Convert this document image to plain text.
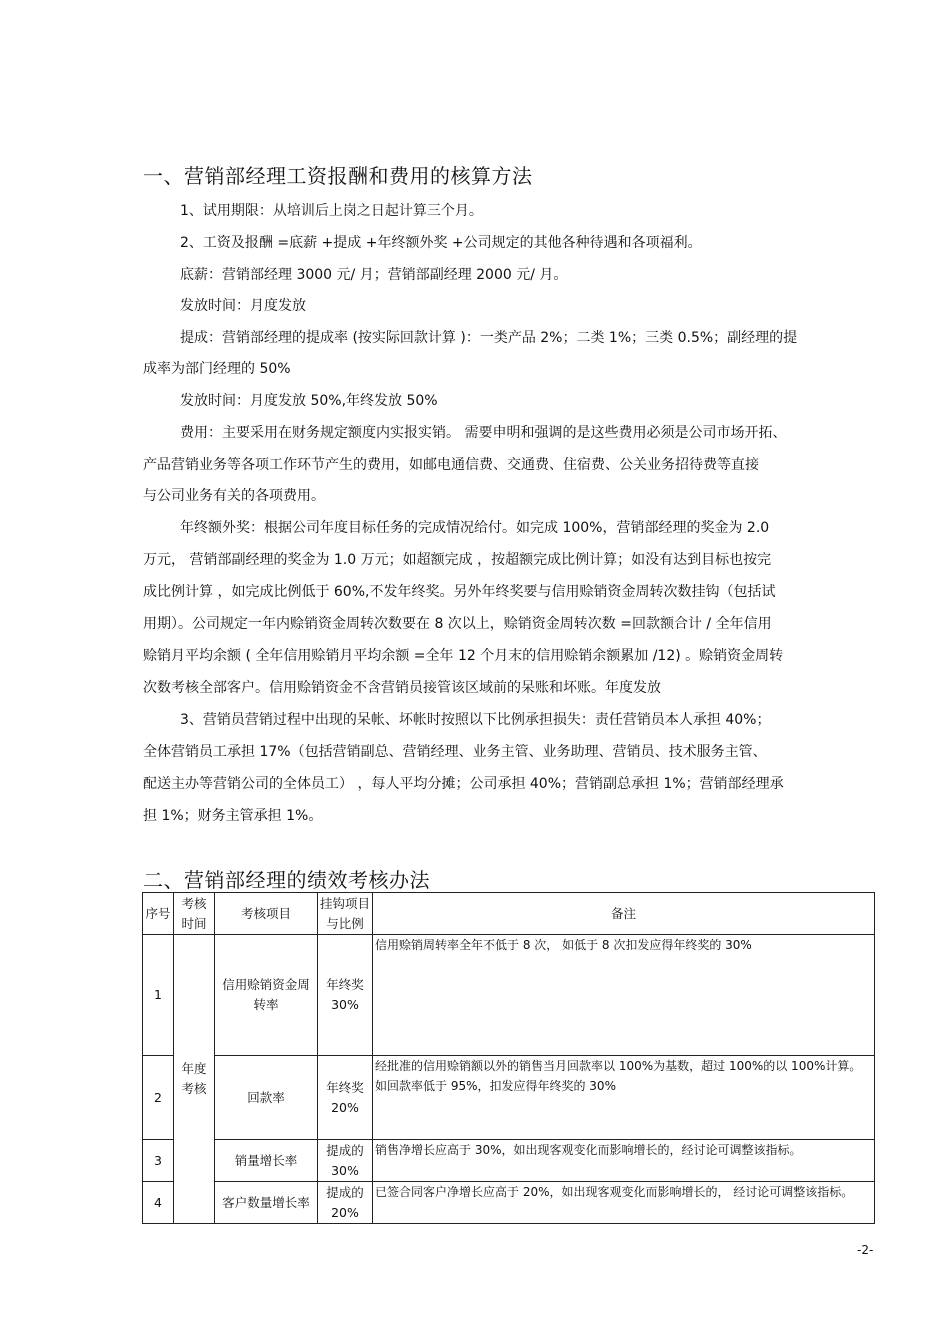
一、营销部经理工资报酬和费用的核算方法
1、试用期限：从培训后上岗之日起计算三个月。
2、工资及报酬 =底薪 +提成 +年终额外奖 +公司规定的其他各种待遇和各项福利。
底薪：营销部经理 3000 元/ 月；营销部副经理 2000 元/ 月。
发放时间：月度发放
提成：营销部经理的提成率 (按实际回款计算 )：一类产品 2%；二类 1%；三类 0.5%；副经理的提
成率为部门经理的 50%
发放时间：月度发放 50%,年终发放 50%
费用：主要采用在财务规定额度内实报实销。 需要申明和强调的是这些费用必须是公司市场开拓、
产品营销业务等各项工作环节产生的费用，如邮电通信费、交通费、住宿费、公关业务招待费等直接
与公司业务有关的各项费用。
年终额外奖：根据公司年度目标任务的完成情况给付。如完成 100%，营销部经理的奖金为 2.0
万元， 营销部副经理的奖金为 1.0 万元；如超额完成 ，按超额完成比例计算；如没有达到目标也按完
成比例计算 ，如完成比例低于 60%,不发年终奖。另外年终奖要与信用赊销资金周转次数挂钩（包括试
用期）。公司规定一年内赊销资金周转次数要在 8 次以上，赊销资金周转次数 =回款额合计 / 全年信用
赊销月平均余额 ( 全年信用赊销月平均余额 =全年 12 个月末的信用赊销余额累加 /12) 。赊销资金周转
次数考核全部客户。信用赊销资金不含营销员接管该区域前的呆账和坏账。年度发放
3、营销员营销过程中出现的呆帐、坏帐时按照以下比例承担损失：责任营销员本人承担 40%；
全体营销员工承担 17%（包括营销副总、营销经理、业务主管、业务助理、营销员、技术服务主管、
配送主办等营销公司的全体员工） ，每人平均分摊；公司承担 40%；营销副总承担 1%；营销部经理承
担 1%；财务主管承担 1%。
二、营销部经理的绩效考核办法
序号	考核时间	考核项目	挂钩项目与比例	备注
1	年度考核	信用赊销资金周转率	年终奖 30%	信用赊销周转率全年不低于 8 次， 如低于 8 次扣发应得年终奖的 30%
2		回款率	年终奖 20%	经批准的信用赊销额以外的销售当月回款率以 100%为基数，超过 100%的以 100%计算。如回款率低于 95%，扣发应得年终奖的 30%
3		销量增长率	提成的 30%	销售净增长应高于 30%，如出现客观变化而影响增长的，经讨论可调整该指标。
4		客户数量增长率	提成的 20%	已签合同客户净增长应高于 20%，如出现客观变化而影响增长的， 经讨论可调整该指标。
-2-
